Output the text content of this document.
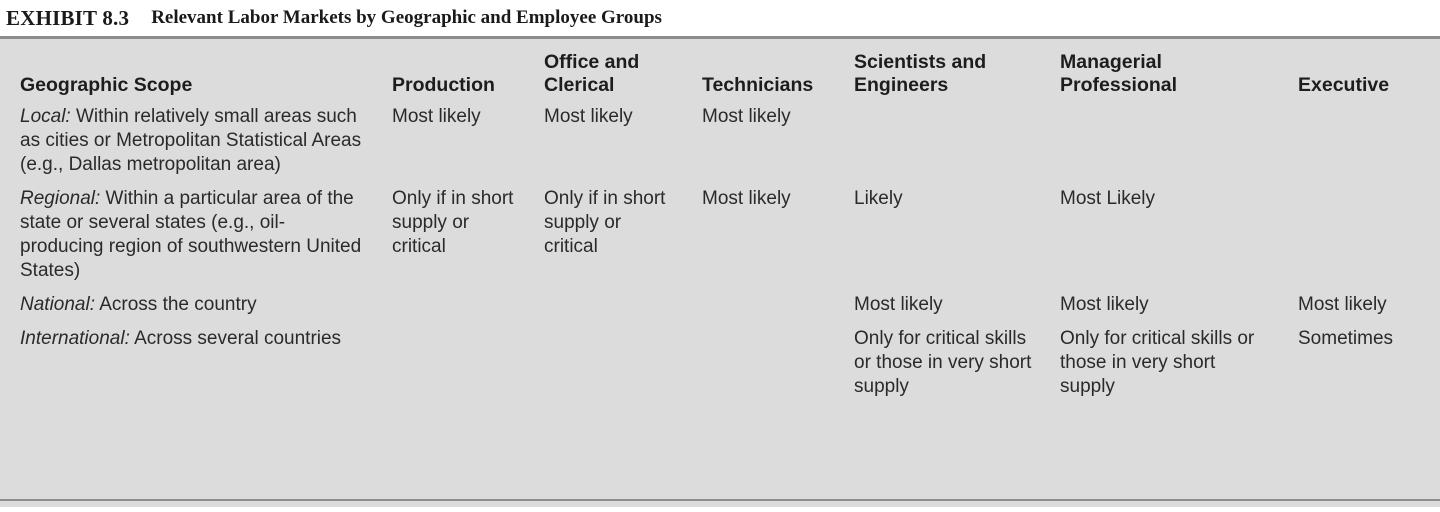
EXHIBIT 8.3 Relevant Labor Markets by Geographic and Employee Groups
Geographic Scope	Production	Office and Clerical	Technicians	Scientists and Engineers	Managerial Professional	Executive
Local: Within relatively small areas such as cities or Metropolitan Statistical Areas (e.g., Dallas metropolitan area)	Most likely	Most likely	Most likely			
Regional: Within a particular area of the state or several states (e.g., oil-producing region of southwestern United States)	Only if in short supply or critical	Only if in short supply or critical	Most likely	Likely	Most Likely	
National: Across the country				Most likely	Most likely	Most likely
International: Across several countries				Only for critical skills or those in very short supply	Only for critical skills or those in very short supply	Sometimes
